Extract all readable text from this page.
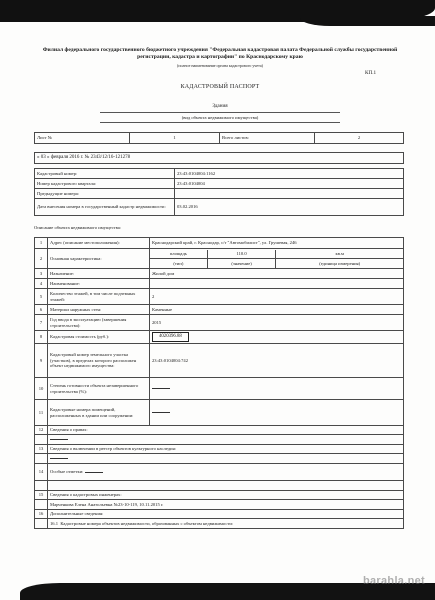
Филиал федерального государственного бюджетного учреждения "Федеральная кадастровая палата Федеральной службы государственной регистрации, кадастра и картографии" по Краснодарскому краю
(полное наименование органа кадастрового учета)
КП.1
КАДАСТРОВЫЙ ПАСПОРТ
Здания
(вид объекта недвижимого имущества)
Лист №	1	Всего листов:	2
« 03 » февраля 2016 г. № 2343/12/16-121278
Кадастровый номер:	23:43:0104004:1162
Номер кадастрового квартала:	23:43:0104004
Предыдущие номера:	
Дата внесения номера в государственный кадастр недвижимости:	03.02.2016
Описание объекта недвижимого имущества:
1	Адрес (описание местоположения):	Краснодарский край, г. Краснодар, с/т "Автомобилист", ул. Грушевая, 246
2	Основная характеристика:	
площадь	110.0	кв.м
(тип)	(значение)	(единица измерения)

3	Назначение:	Жилой дом
4	Наименование:	
5	Количество этажей, в том числе подземных этажей:	2
6	Материал наружных стен:	Каменные
7	Год ввода в эксплуатацию (завершения строительства):	2015
8	Кадастровая стоимость (руб.):	4020396.88
9	Кадастровый номер земельного участка (участков), в пределах которого расположен объект недвижимого имущества:	23:43:0104004:742
10	Степень готовности объекта незавершенного строительства (%):	
11	Кадастровые номера помещений, расположенных в здании или сооружении:	
12	Сведения о правах:

13	Сведения о включении в реестр объектов культурного наследия:

14	Особые отметки:

15	Сведения о кадастровых инженерах:
	Марченкова Елена Анатольевна №23-10-119, 10.11.2015 г.
16	Дополнительные сведения:
	16.1 Кадастровые номера объектов недвижимости, образованных с объектом недвижимости:
barahla.net
